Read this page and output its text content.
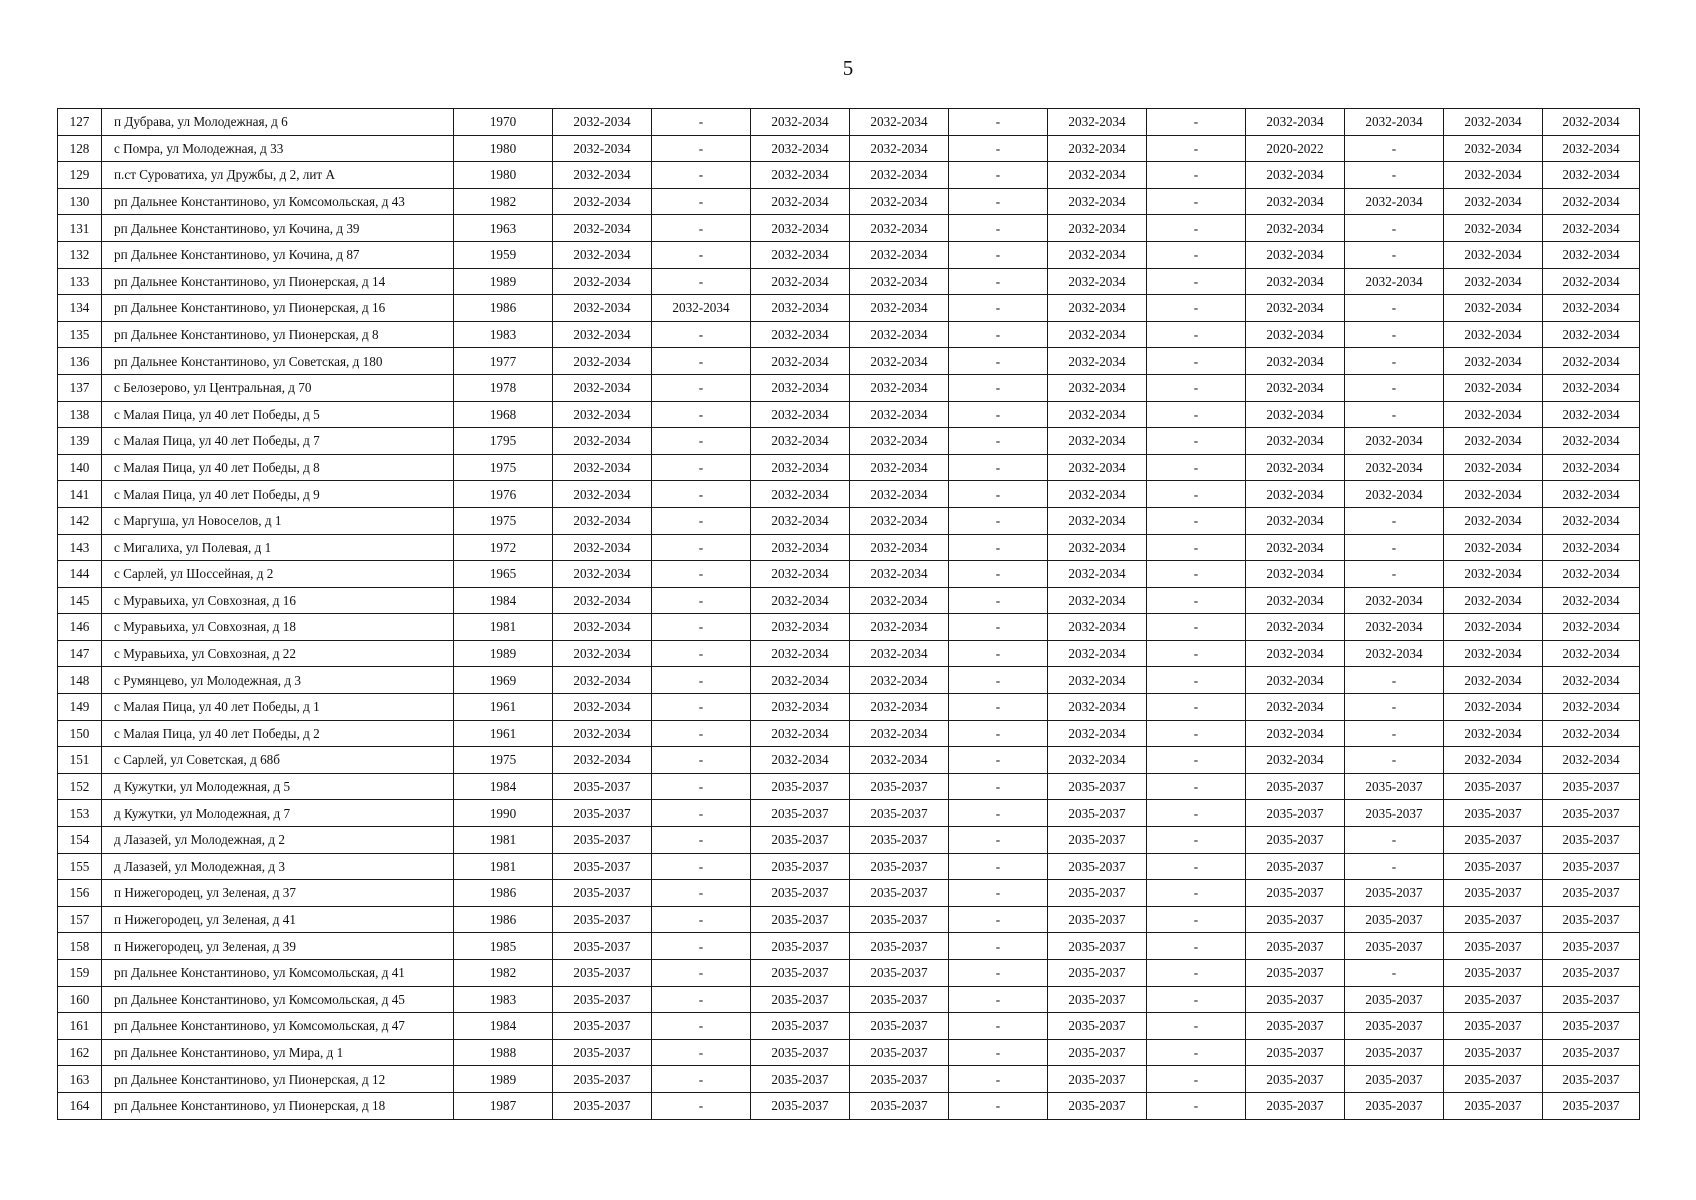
5
127	п Дубрава, ул Молодежная, д 6	1970	2032-2034	-	2032-2034	2032-2034	-	2032-2034	-	2032-2034	2032-2034	2032-2034	2032-2034
128	с Помра, ул Молодежная, д 33	1980	2032-2034	-	2032-2034	2032-2034	-	2032-2034	-	2020-2022	-	2032-2034	2032-2034
129	п.ст Суроватиха, ул Дружбы, д 2, лит А	1980	2032-2034	-	2032-2034	2032-2034	-	2032-2034	-	2032-2034	-	2032-2034	2032-2034
130	рп Дальнее Константиново, ул Комсомольская, д 43	1982	2032-2034	-	2032-2034	2032-2034	-	2032-2034	-	2032-2034	2032-2034	2032-2034	2032-2034
131	рп Дальнее Константиново, ул Кочина, д 39	1963	2032-2034	-	2032-2034	2032-2034	-	2032-2034	-	2032-2034	-	2032-2034	2032-2034
132	рп Дальнее Константиново, ул Кочина, д 87	1959	2032-2034	-	2032-2034	2032-2034	-	2032-2034	-	2032-2034	-	2032-2034	2032-2034
133	рп Дальнее Константиново, ул Пионерская, д 14	1989	2032-2034	-	2032-2034	2032-2034	-	2032-2034	-	2032-2034	2032-2034	2032-2034	2032-2034
134	рп Дальнее Константиново, ул Пионерская, д 16	1986	2032-2034	2032-2034	2032-2034	2032-2034	-	2032-2034	-	2032-2034	-	2032-2034	2032-2034
135	рп Дальнее Константиново, ул Пионерская, д 8	1983	2032-2034	-	2032-2034	2032-2034	-	2032-2034	-	2032-2034	-	2032-2034	2032-2034
136	рп Дальнее Константиново, ул Советская, д 180	1977	2032-2034	-	2032-2034	2032-2034	-	2032-2034	-	2032-2034	-	2032-2034	2032-2034
137	с Белозерово, ул Центральная, д 70	1978	2032-2034	-	2032-2034	2032-2034	-	2032-2034	-	2032-2034	-	2032-2034	2032-2034
138	с Малая Пица, ул 40 лет Победы, д 5	1968	2032-2034	-	2032-2034	2032-2034	-	2032-2034	-	2032-2034	-	2032-2034	2032-2034
139	с Малая Пица, ул 40 лет Победы, д 7	1795	2032-2034	-	2032-2034	2032-2034	-	2032-2034	-	2032-2034	2032-2034	2032-2034	2032-2034
140	с Малая Пица, ул 40 лет Победы, д 8	1975	2032-2034	-	2032-2034	2032-2034	-	2032-2034	-	2032-2034	2032-2034	2032-2034	2032-2034
141	с Малая Пица, ул 40 лет Победы, д 9	1976	2032-2034	-	2032-2034	2032-2034	-	2032-2034	-	2032-2034	2032-2034	2032-2034	2032-2034
142	с Маргуша, ул Новоселов, д 1	1975	2032-2034	-	2032-2034	2032-2034	-	2032-2034	-	2032-2034	-	2032-2034	2032-2034
143	с Мигалиха, ул Полевая, д 1	1972	2032-2034	-	2032-2034	2032-2034	-	2032-2034	-	2032-2034	-	2032-2034	2032-2034
144	с Сарлей, ул Шоссейная, д 2	1965	2032-2034	-	2032-2034	2032-2034	-	2032-2034	-	2032-2034	-	2032-2034	2032-2034
145	с Муравьиха, ул Совхозная, д 16	1984	2032-2034	-	2032-2034	2032-2034	-	2032-2034	-	2032-2034	2032-2034	2032-2034	2032-2034
146	с Муравьиха, ул Совхозная, д 18	1981	2032-2034	-	2032-2034	2032-2034	-	2032-2034	-	2032-2034	2032-2034	2032-2034	2032-2034
147	с Муравьиха, ул Совхозная, д 22	1989	2032-2034	-	2032-2034	2032-2034	-	2032-2034	-	2032-2034	2032-2034	2032-2034	2032-2034
148	с Румянцево, ул Молодежная, д 3	1969	2032-2034	-	2032-2034	2032-2034	-	2032-2034	-	2032-2034	-	2032-2034	2032-2034
149	с Малая Пица, ул 40 лет Победы, д 1	1961	2032-2034	-	2032-2034	2032-2034	-	2032-2034	-	2032-2034	-	2032-2034	2032-2034
150	с Малая Пица, ул 40 лет Победы, д 2	1961	2032-2034	-	2032-2034	2032-2034	-	2032-2034	-	2032-2034	-	2032-2034	2032-2034
151	с Сарлей, ул Советская, д 68б	1975	2032-2034	-	2032-2034	2032-2034	-	2032-2034	-	2032-2034	-	2032-2034	2032-2034
152	д Кужутки, ул Молодежная, д 5	1984	2035-2037	-	2035-2037	2035-2037	-	2035-2037	-	2035-2037	2035-2037	2035-2037	2035-2037
153	д Кужутки, ул Молодежная, д 7	1990	2035-2037	-	2035-2037	2035-2037	-	2035-2037	-	2035-2037	2035-2037	2035-2037	2035-2037
154	д Лазазей, ул Молодежная, д 2	1981	2035-2037	-	2035-2037	2035-2037	-	2035-2037	-	2035-2037	-	2035-2037	2035-2037
155	д Лазазей, ул Молодежная, д 3	1981	2035-2037	-	2035-2037	2035-2037	-	2035-2037	-	2035-2037	-	2035-2037	2035-2037
156	п Нижегородец, ул Зеленая, д 37	1986	2035-2037	-	2035-2037	2035-2037	-	2035-2037	-	2035-2037	2035-2037	2035-2037	2035-2037
157	п Нижегородец, ул Зеленая, д 41	1986	2035-2037	-	2035-2037	2035-2037	-	2035-2037	-	2035-2037	2035-2037	2035-2037	2035-2037
158	п Нижегородец, ул Зеленая, д 39	1985	2035-2037	-	2035-2037	2035-2037	-	2035-2037	-	2035-2037	2035-2037	2035-2037	2035-2037
159	рп Дальнее Константиново, ул Комсомольская, д 41	1982	2035-2037	-	2035-2037	2035-2037	-	2035-2037	-	2035-2037	-	2035-2037	2035-2037
160	рп Дальнее Константиново, ул Комсомольская, д 45	1983	2035-2037	-	2035-2037	2035-2037	-	2035-2037	-	2035-2037	2035-2037	2035-2037	2035-2037
161	рп Дальнее Константиново, ул Комсомольская, д 47	1984	2035-2037	-	2035-2037	2035-2037	-	2035-2037	-	2035-2037	2035-2037	2035-2037	2035-2037
162	рп Дальнее Константиново, ул Мира, д 1	1988	2035-2037	-	2035-2037	2035-2037	-	2035-2037	-	2035-2037	2035-2037	2035-2037	2035-2037
163	рп Дальнее Константиново, ул Пионерская, д 12	1989	2035-2037	-	2035-2037	2035-2037	-	2035-2037	-	2035-2037	2035-2037	2035-2037	2035-2037
164	рп Дальнее Константиново, ул Пионерская, д 18	1987	2035-2037	-	2035-2037	2035-2037	-	2035-2037	-	2035-2037	2035-2037	2035-2037	2035-2037
